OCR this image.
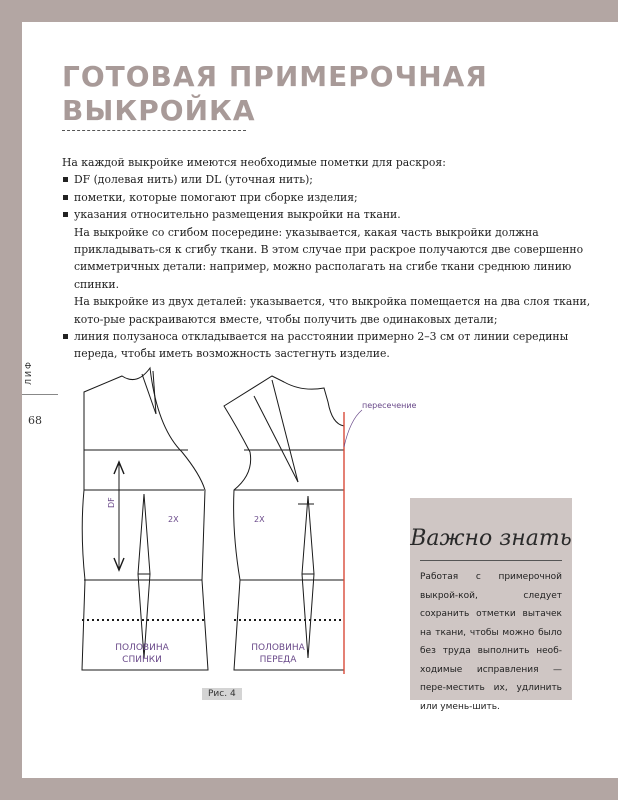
ГОТОВАЯ ПРИМЕРОЧНАЯ
ВЫКРОЙКА

На каждой выкройке имеются необходимые пометки для раскроя:

DF (долевая нить) или DL (уточная нить);

пометки, которые помогают при сборке изделия;

указания относительно размещения выкройки на ткани.

На выкройке со сгибом посередине: указывается, какая часть выкройки должна прикладывать-ся к сгибу ткани. В этом случае при раскрое получаются две совершенно симметричных детали: например, можно располагать на сгибе ткани среднюю линию спинки.

На выкройке из двух деталей: указывается, что выкройка помещается на два слоя ткани, кото-рые раскраиваются вместе, чтобы получить две одинаковых детали;

линия полузаноса откладывается на расстоянии примерно 2–3 см от линии середины переда, чтобы иметь возможность застегнуть изделие.

ЛИФ
68
DF
2X	2X
ПОЛОВИНА
СПИНКИ
ПОЛОВИНА
ПЕРЕДА
пересечение
Рис. 4
Важно знать
Работая с примерочной выкрой-кой, следует сохранить отметки вытачек на ткани, чтобы можно было без труда выполнить необ-ходимые исправления — пере-местить их, удлинить или умень-шить.
